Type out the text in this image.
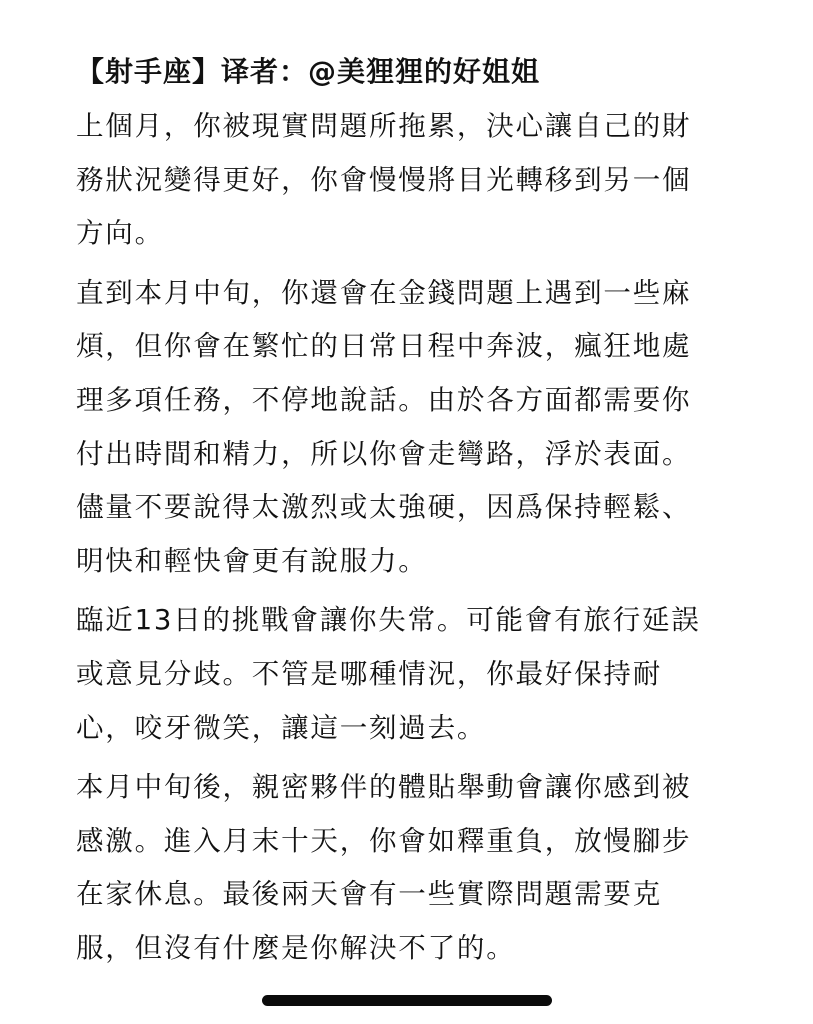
【射手座】译者：@美狸狸的好姐姐

上個月，你被現實問題所拖累，決心讓自己的財
務狀況變得更好，你會慢慢將目光轉移到另一個
方向。

直到本月中旬，你還會在金錢問題上遇到一些麻
煩，但你會在繁忙的日常日程中奔波，瘋狂地處
理多項任務，不停地說話。由於各方面都需要你
付出時間和精力，所以你會走彎路，浮於表面。
儘量不要說得太激烈或太強硬，因爲保持輕鬆、
明快和輕快會更有說服力。

臨近13日的挑戰會讓你失常。可能會有旅行延誤
或意見分歧。不管是哪種情況，你最好保持耐
心，咬牙微笑，讓這一刻過去。

本月中旬後，親密夥伴的體貼舉動會讓你感到被
感激。進入月末十天，你會如釋重負，放慢腳步
在家休息。最後兩天會有一些實際問題需要克
服，但沒有什麼是你解決不了的。
